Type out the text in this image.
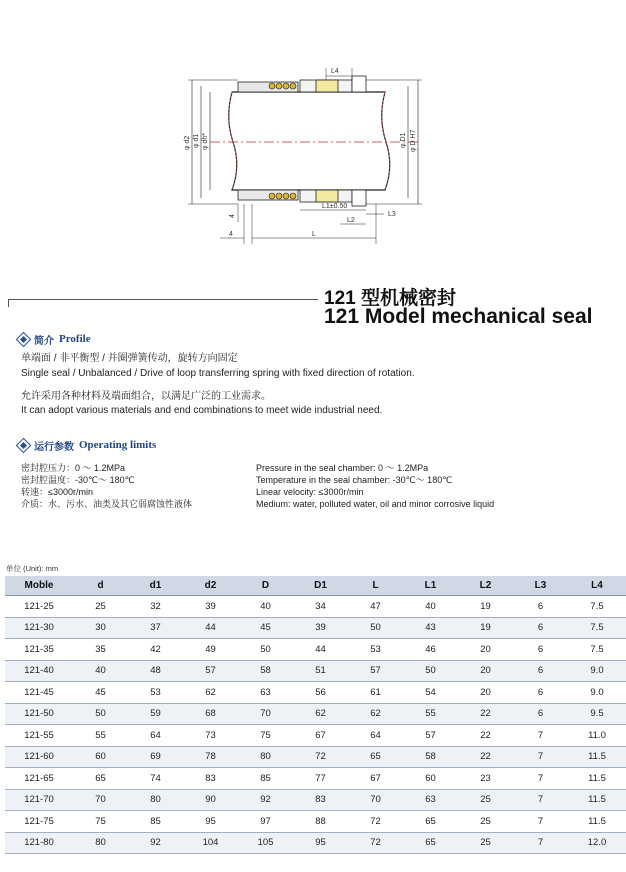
L4
φ d2 φ d1 φ dh*	φ D1 φ D H7
L1±0.50
L2
L3
L
4
4
121 型机械密封
121 Model mechanical seal
简介 Profile
单端面 / 非平衡型 / 并圈弹簧传动，旋转方向固定
Single seal / Unbalanced / Drive of loop transferring spring with fixed direction of rotation.
允许采用各种材料及端面组合，以满足广泛的工业需求。
It can adopt various materials and end combinations to meet wide industrial need.
运行参数 Operating limits
密封腔压力：0 ～ 1.2MPa
密封腔温度：-30℃～ 180℃
转速：≤3000r/min
介质：水、污水、油类及其它弱腐蚀性液体
Pressure in the seal chamber: 0 ～ 1.2MPa
Temperature in the seal chamber: -30℃～ 180℃
Linear velocity: ≤3000r/min
Medium: water, polluted water, oil and minor corrosive liquid
单位 (Unit): mm
Moble	d	d1	d2	D	D1	L	L1	L2	L3	L4
121-25	25	32	39	40	34	47	40	19	6	7.5
121-30	30	37	44	45	39	50	43	19	6	7.5
121-35	35	42	49	50	44	53	46	20	6	7.5
121-40	40	48	57	58	51	57	50	20	6	9.0
121-45	45	53	62	63	56	61	54	20	6	9.0
121-50	50	59	68	70	62	62	55	22	6	9.5
121-55	55	64	73	75	67	64	57	22	7	11.0
121-60	60	69	78	80	72	65	58	22	7	11.5
121-65	65	74	83	85	77	67	60	23	7	11.5
121-70	70	80	90	92	83	70	63	25	7	11.5
121-75	75	85	95	97	88	72	65	25	7	11.5
121-80	80	92	104	105	95	72	65	25	7	12.0
